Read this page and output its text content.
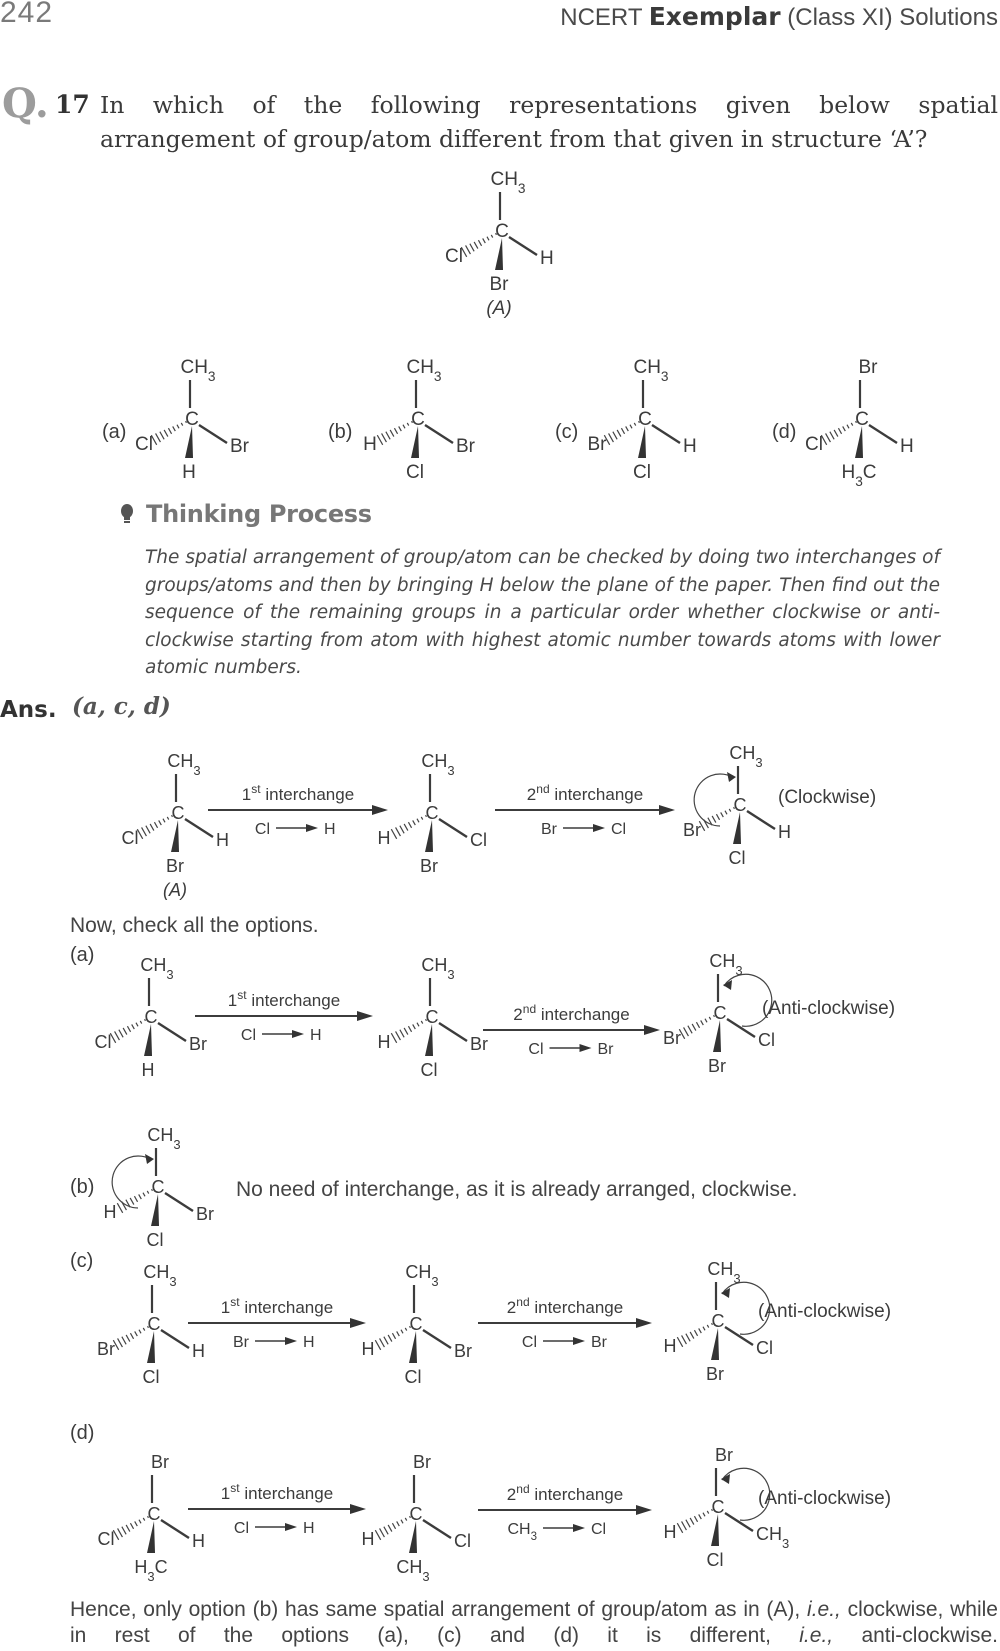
242	NCERT Exemplar (Class XI) Solutions
Q. 17 In which of the following representations given below spatial
arrangement of group/atom different from that given in structure ‘A’?
C
$CH_3$
Cl
Br
H
(A)
(a)
C
$CH_3$
Cl
H
Br
(b)
C
$CH_3$
H
Cl
Br
(c)
C
$CH_3$
Br
Cl
H
(d)
C
Br
Cl
$H_3C$
H
Thinking Process
The spatial arrangement of group/atom can be checked by doing two interchanges of groups/atoms and then by bringing H below the plane of the paper. Then find out the sequence of the remaining groups in a particular order whether clockwise or anti-clockwise starting from atom with highest atomic number towards atoms with lower atomic numbers.
Ans. (a, c, d)
C
$CH_3$
Cl
Br
H
(A)
1st interchange
Cl	H
C
$CH_3$
H
Br
Cl
2nd interchange
Br	Cl
C
$CH_3$
Br
Cl
H
(Clockwise)
Now, check all the options.
(a)
C
$CH_3$
Cl
H
Br
1st interchange
Cl	H
C
$CH_3$
H
Cl
Br
2nd interchange
Cl	Br
C
$CH_3$
Br
Br
Cl
(Anti-clockwise)
(b)	C
$CH_3$
H
Cl
Br
No need of interchange, as it is already arranged, clockwise.
(c)
C
$CH_3$
Br
Cl
H
1st interchange
Br	H
C
$CH_3$
H
Cl
Br
2nd interchange
Cl	Br
C
$CH_3$
H
Br
Cl
(Anti-clockwise)
(d)
C
Br
Cl
$H_3C$
H
1st interchange
Cl	H
C
Br
H
$CH_3$
Cl
2nd interchange
$CH_3$	Cl
C
Br
H
Cl
$CH_3$
(Anti-clockwise)
Hence, only option (b) has same spatial arrangement of group/atom as in (A), i.e., clockwise, while in rest of the options (a), (c) and (d) it is different, i.e., anti-clockwise.
